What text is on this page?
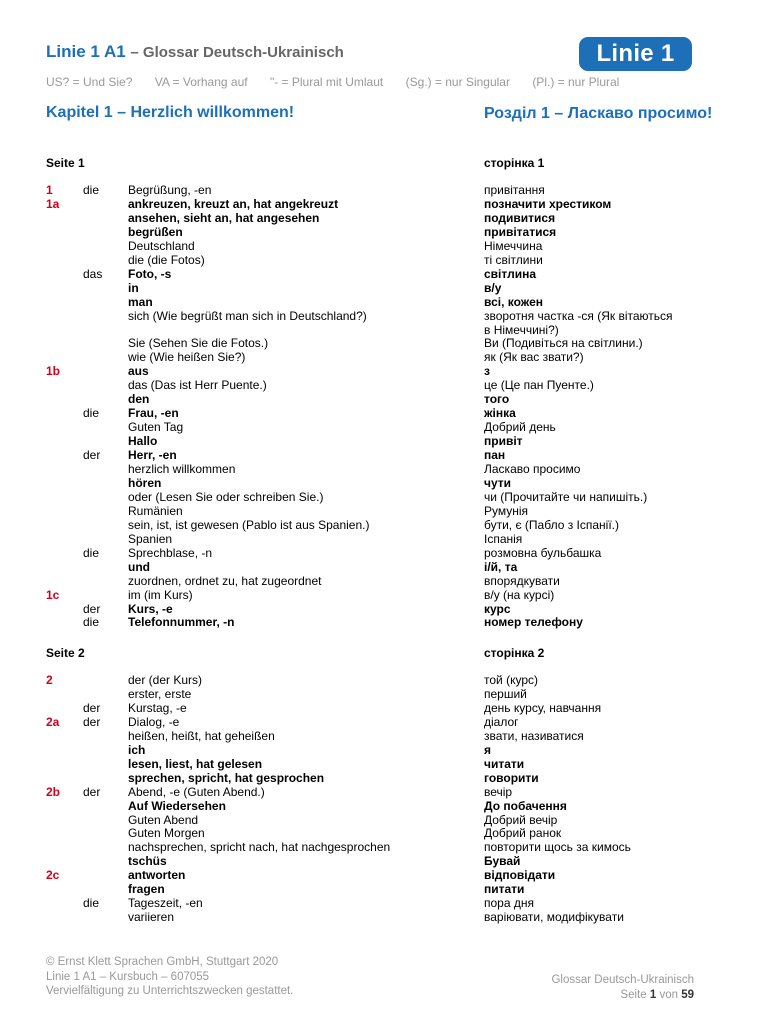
Linie 1 A1 – Glossar Deutsch-Ukrainisch	Linie 1
US? = Und Sie? VA = Vorhang auf "- = Plural mit Umlaut (Sg.) = nur Singular (Pl.) = nur Plural
Kapitel 1 – Herzlich willkommen!	Розділ 1 – Ласкаво просимо!
Seite 1	сторінка 1
1	die Begrüßung, -en	привітання
1a	ankreuzen, kreuzt an, hat angekreuzt	позначити хрестиком
ansehen, sieht an, hat angesehen	подивитися
begrüßen	привітатися
Deutschland	Німеччина
die (die Fotos)	ті світлини
das Foto, -s	світлина
in	в/у
man	всі, кожен
sich (Wie begrüßt man sich in Deutschland?)	зворотня частка -ся (Як вітаються
в Німеччині?)
Sie (Sehen Sie die Fotos.)	Ви (Подивіться на світлини.)
wie (Wie heißen Sie?)	як (Як вас звати?)
1b	aus	з
das (Das ist Herr Puente.)	це (Це пан Пуенте.)
den	того
die Frau, -en	жінка
Guten Tag	Добрий день
Hallo	привіт
der Herr, -en	пан
herzlich willkommen	Ласкаво просимо
hören	чути
oder (Lesen Sie oder schreiben Sie.)	чи (Прочитайте чи напишіть.)
Rumänien	Румунія
sein, ist, ist gewesen (Pablo ist aus Spanien.)	бути, є (Пабло з Іспанії.)
Spanien	Іспанія
die Sprechblase, -n	розмовна бульбашка
und	і/й, та
zuordnen, ordnet zu, hat zugeordnet	впорядкувати
1c	im (im Kurs)	в/у (на курсі)
der Kurs, -e	курс
die Telefonnummer, -n	номер телефону
Seite 2	сторінка 2
2	der (der Kurs)	той (курс)
erster, erste	перший
der Kurstag, -e	день курсу, навчання
2a der Dialog, -e	діалог
heißen, heißt, hat geheißen	звати, називатися
ich	я
lesen, liest, hat gelesen	читати
sprechen, spricht, hat gesprochen	говорити
2b der Abend, -e (Guten Abend.)	вечір
Auf Wiedersehen	До побачення
Guten Abend	Добрий вечір
Guten Morgen	Добрий ранок
nachsprechen, spricht nach, hat nachgesprochen	повторити щось за кимось
tschüs	Бувай
2c	antworten	відповідати
fragen	питати
die Tageszeit, -en	пора дня
variieren	варіювати, модифікувати
© Ernst Klett Sprachen GmbH, Stuttgart 2020
Linie 1 A1 – Kursbuch – 607055
Vervielfältigung zu Unterrichtszwecken gestattet.
Glossar Deutsch-Ukrainisch
Seite 1 von 59
